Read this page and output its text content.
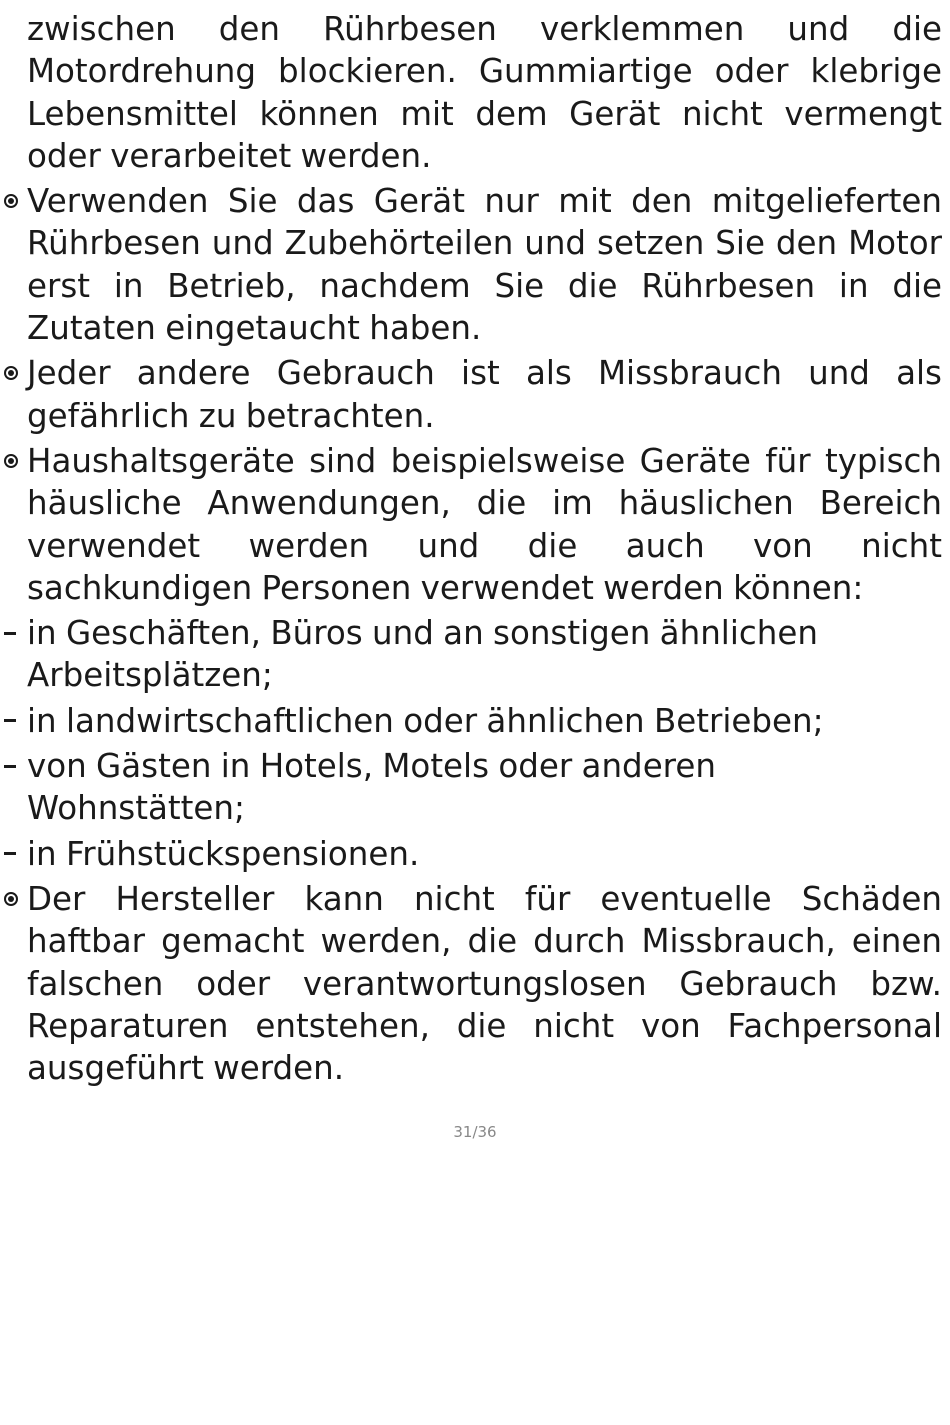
zwischen den Rührbesen verklemmen und die Motordrehung blockieren. Gummiartige oder klebrige Lebensmittel können mit dem Gerät nicht vermengt oder verarbeitet werden.

Verwenden Sie das Gerät nur mit den mitgelieferten Rührbesen und Zubehörteilen und setzen Sie den Motor erst in Betrieb, nachdem Sie die Rührbesen in die Zutaten eingetaucht haben.

Jeder andere Gebrauch ist als Missbrauch und als gefährlich zu betrachten.

Haushaltsgeräte sind beispielsweise Geräte für typisch häusliche Anwendungen, die im häuslichen Bereich verwendet werden und die auch von nicht sachkundigen Personen verwendet werden können:

in Geschäften, Büros und an sonstigen ähnlichen Arbeitsplätzen;

in landwirtschaftlichen oder ähnlichen Betrieben;

von Gästen in Hotels, Motels oder anderen Wohnstätten;

in Frühstückspensionen.

Der Hersteller kann nicht für eventuelle Schäden haftbar gemacht werden, die durch Missbrauch, einen falschen oder verantwortungslosen Gebrauch bzw. Reparaturen entstehen, die nicht von Fachpersonal ausgeführt werden.

31/36
